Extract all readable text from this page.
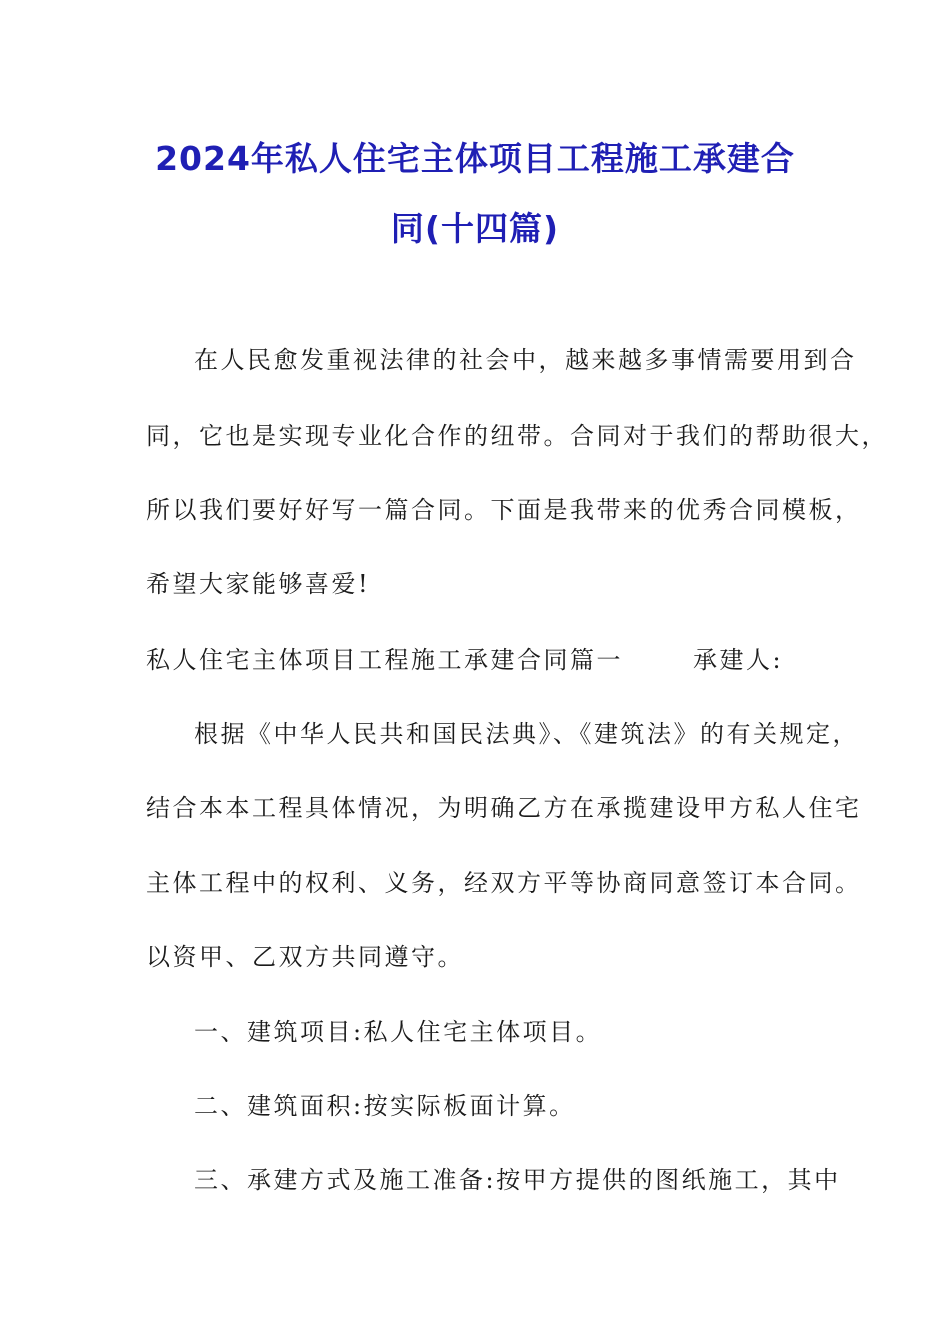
2024年私人住宅主体项目工程施工承建合
同(十四篇)

在人民愈发重视法律的社会中，越来越多事情需要用到合

同，它也是实现专业化合作的纽带。合同对于我们的帮助很大，

所以我们要好好写一篇合同。下面是我带来的优秀合同模板，

希望大家能够喜爱!

私人住宅主体项目工程施工承建合同篇一	承建人:

根据《中华人民共和国民法典》、《建筑法》的有关规定，

结合本本工程具体情况，为明确乙方在承揽建设甲方私人住宅

主体工程中的权利、义务，经双方平等协商同意签订本合同。

以资甲、乙双方共同遵守。

一、建筑项目:私人住宅主体项目。

二、建筑面积:按实际板面计算。

三、承建方式及施工准备:按甲方提供的图纸施工，其中
